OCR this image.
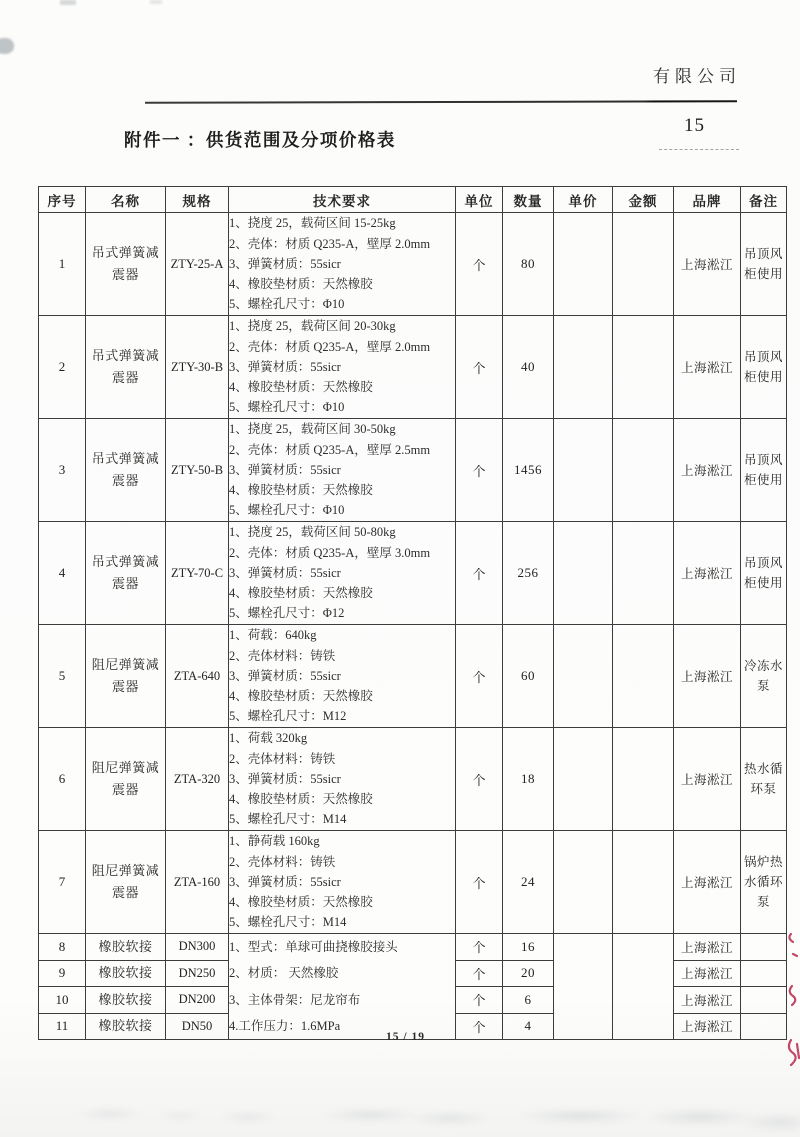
有限公司
附件一 ：供货范围及分项价格表
15
序号	名称	规格	技术要求	单位	数量	单价	金额	品牌	备注
1	吊式弹簧减震器	ZTY-25-A	1、挠度 25，载荷区间 15-25kg
2、壳体：材质 Q235-A，壁厚 2.0mm
3、弹簧材质：55sicr
4、橡胶垫材质：天然橡胶
5、螺栓孔尺寸：Φ10	个	80			上海淞江	吊顶风柜使用
2	吊式弹簧减震器	ZTY-30-B	1、挠度 25，载荷区间 20-30kg
2、壳体：材质 Q235-A，壁厚 2.0mm
3、弹簧材质：55sicr
4、橡胶垫材质：天然橡胶
5、螺栓孔尺寸：Φ10	个	40			上海淞江	吊顶风柜使用
3	吊式弹簧减震器	ZTY-50-B	1、挠度 25，载荷区间 30-50kg
2、壳体：材质 Q235-A，壁厚 2.5mm
3、弹簧材质：55sicr
4、橡胶垫材质：天然橡胶
5、螺栓孔尺寸：Φ10	个	1456			上海淞江	吊顶风柜使用
4	吊式弹簧减震器	ZTY-70-C	1、挠度 25，载荷区间 50-80kg
2、壳体：材质 Q235-A，壁厚 3.0mm
3、弹簧材质：55sicr
4、橡胶垫材质：天然橡胶
5、螺栓孔尺寸：Φ12	个	256			上海淞江	吊顶风柜使用
5	阻尼弹簧减震器	ZTA-640	1、荷载：640kg
2、壳体材料：铸铁
3、弹簧材质：55sicr
4、橡胶垫材质：天然橡胶
5、螺栓孔尺寸：M12	个	60			上海淞江	冷冻水泵
6	阻尼弹簧减震器	ZTA-320	1、荷载 320kg
2、壳体材料：铸铁
3、弹簧材质：55sicr
4、橡胶垫材质：天然橡胶
5、螺栓孔尺寸：M14	个	18			上海淞江	热水循环泵
7	阻尼弹簧减震器	ZTA-160	1、静荷载 160kg
2、壳体材料：铸铁
3、弹簧材质：55sicr
4、橡胶垫材质：天然橡胶
5、螺栓孔尺寸：M14	个	24			上海淞江	锅炉热水循环泵
8	橡胶软接	DN300	1、型式：单球可曲挠橡胶接头
2、材质： 天然橡胶
3、主体骨架：尼龙帘布
4.工作压力：1.6MPa	个	16			上海淞江	
9	橡胶软接	DN250		个	20			上海淞江	
10	橡胶软接	DN200		个	6			上海淞江	
11	橡胶软接	DN50		个	4			上海淞江	
15 / 19
